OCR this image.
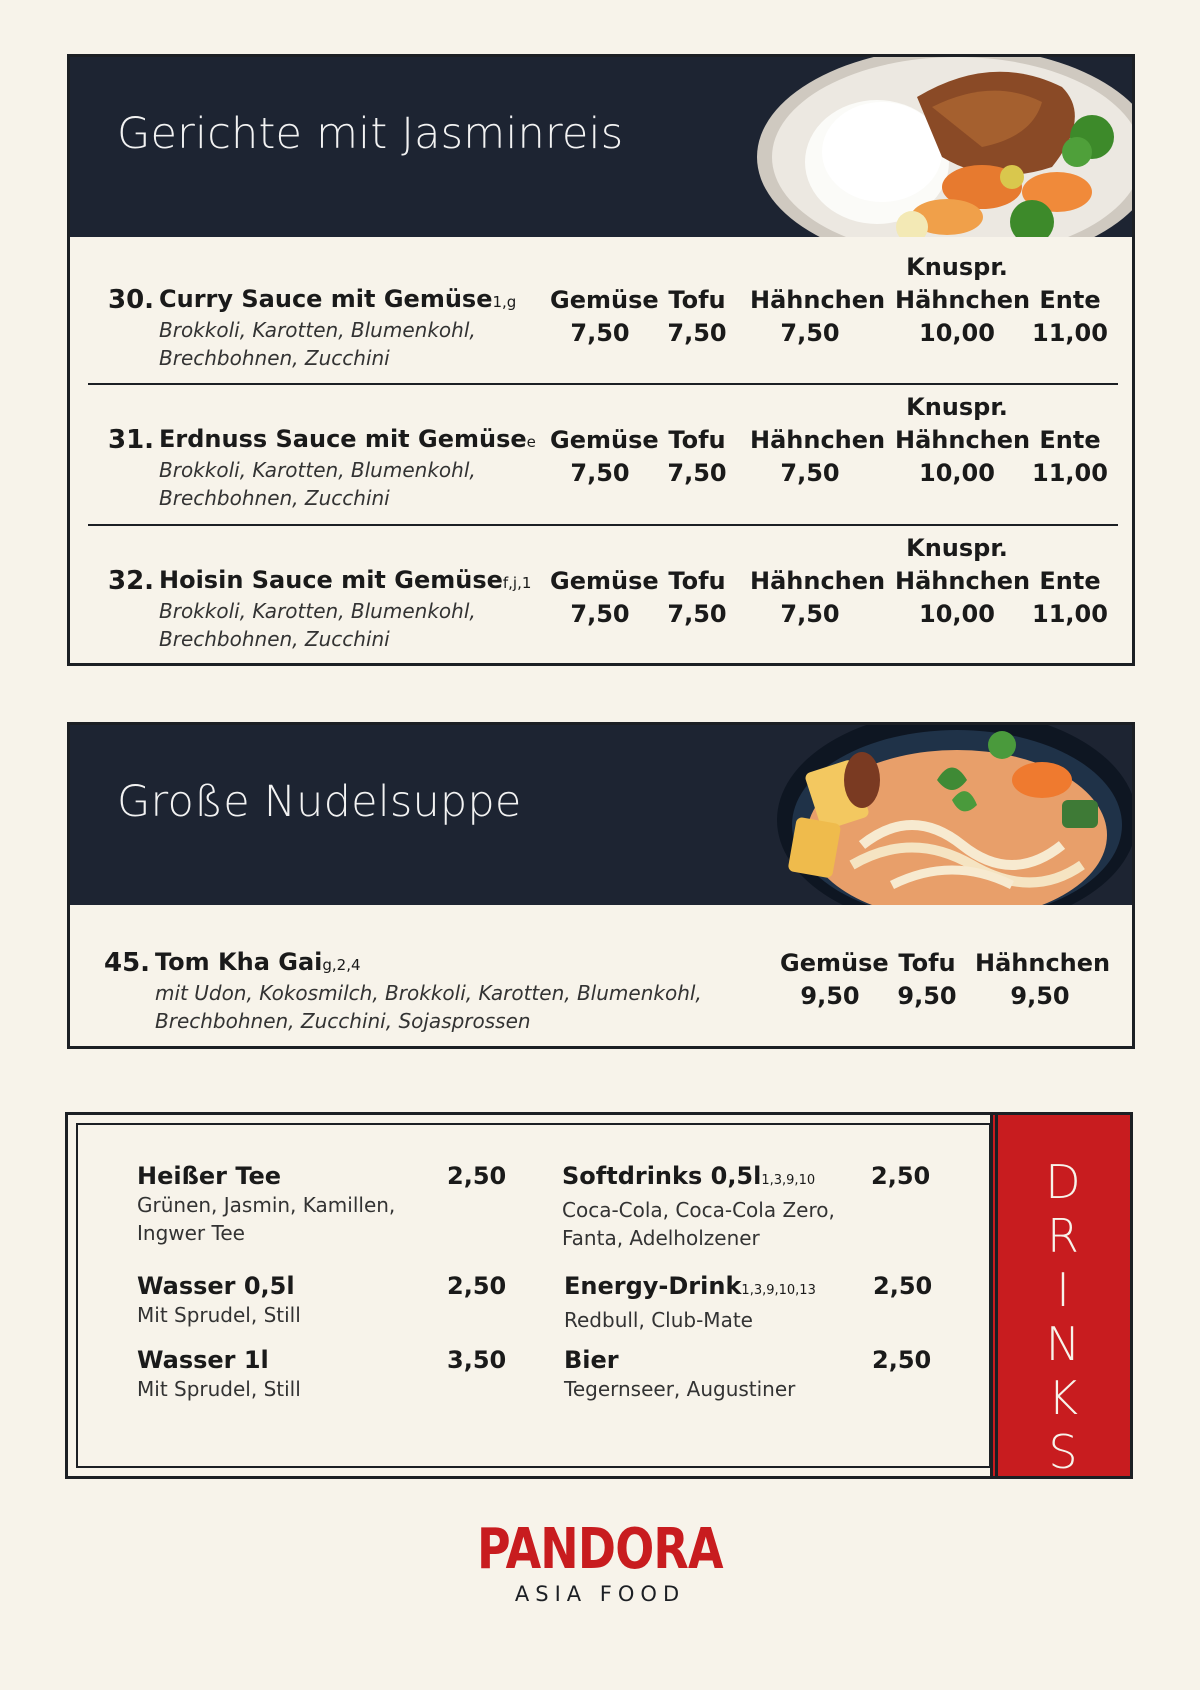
Gerichte mit Jasminreis
30. Curry Sauce mit Gemüse1,g
Brokkoli, Karotten, Blumenkohl,
Brechbohnen, Zucchini
Gemüse
7,50
Tofu
7,50
Hähnchen
7,50
Knuspr.
Hähnchen
10,00
Ente
11,00
31. Erdnuss Sauce mit Gemüsee
Brokkoli, Karotten, Blumenkohl,
Brechbohnen, Zucchini
Gemüse
7,50
Tofu
7,50
Hähnchen
7,50
Knuspr.
Hähnchen
10,00
Ente
11,00
32. Hoisin Sauce mit Gemüsef,j,1
Brokkoli, Karotten, Blumenkohl,
Brechbohnen, Zucchini
Gemüse
7,50
Tofu
7,50
Hähnchen
7,50
Knuspr.
Hähnchen
10,00
Ente
11,00
Große Nudelsuppe
45. Tom Kha Gaig,2,4
mit Udon, Kokosmilch, Brokkoli, Karotten, Blumenkohl,
Brechbohnen, Zucchini, Sojasprossen
Gemüse
9,50
Tofu
9,50
Hähnchen
9,50
Heißer Tee
Grünen, Jasmin, Kamillen,
Ingwer Tee
2,50
Wasser 0,5l
Mit Sprudel, Still
2,50
Wasser 1l
Mit Sprudel, Still
3,50
Softdrinks 0,5l1,3,9,10
Coca-Cola, Coca-Cola Zero,
Fanta, Adelholzener
2,50
Energy-Drink1,3,9,10,13
Redbull, Club-Mate
2,50
Bier
Tegernseer, Augustiner
2,50
D
R
I
N
K
S
PANDORA
ASIA FOOD
